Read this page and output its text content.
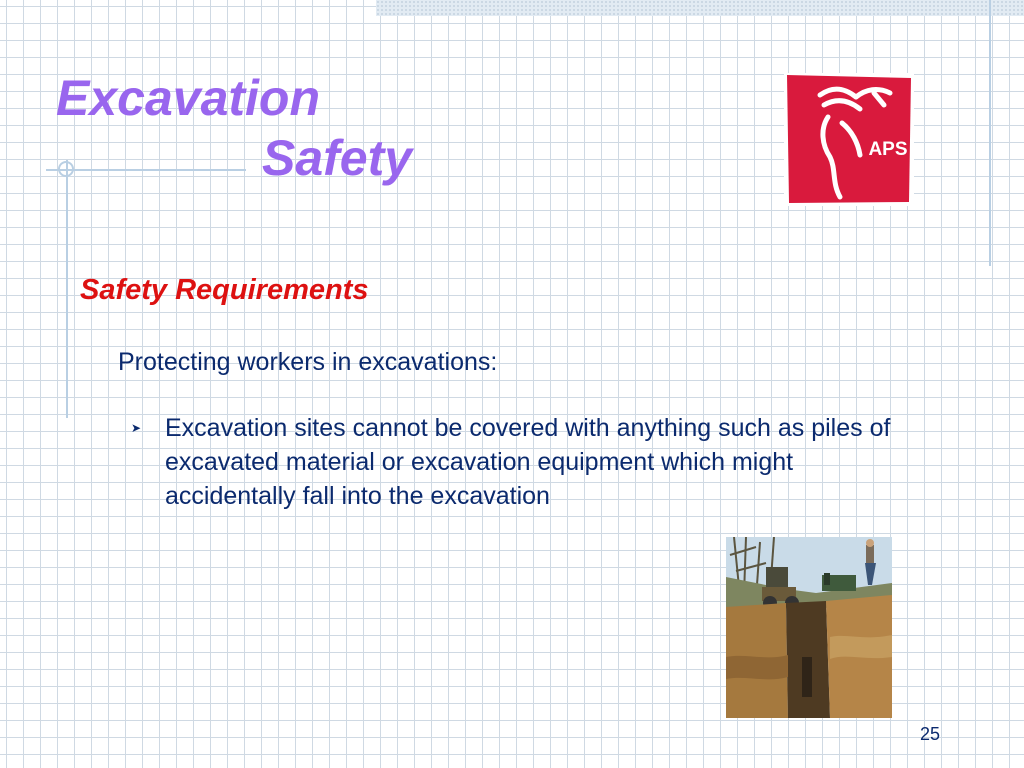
Excavation
Safety	APS
Safety Requirements

Protecting workers in excavations:

➤ Excavation sites cannot be covered with anything such as piles of excavated material or excavation equipment which might accidentally fall into the excavation
25
